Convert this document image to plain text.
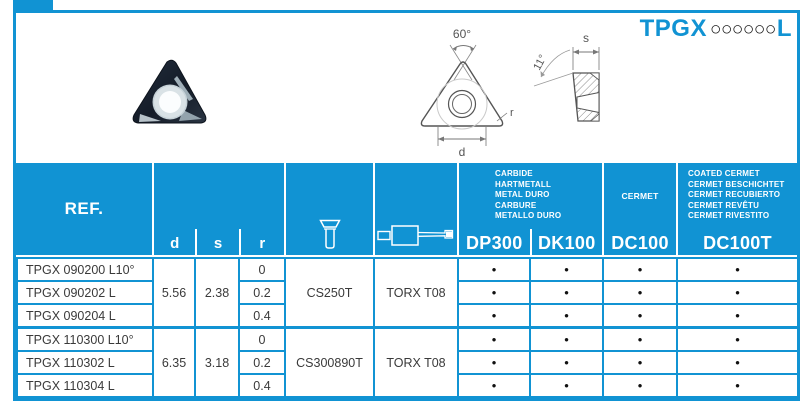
TPGX ○○○○○○ L
60°
d
r
s
11°
REF.
d	s	r
CARBIDE
HARTMETALL
METAL DURO
CARBURE
METALLO DURO
DP300 DK100
CERMET
DC100
COATED CERMET
CERMET BESCHICHTET
CERMET RECUBIERTO
CERMET REVÊTU
CERMET RIVESTITO
DC100T
TPGX 090200 L10°	5.56	2.38	0	CS250T	TORX T08	•	•	•	•
TPGX 090202 L			0.2			•	•	•	•
TPGX 090204 L			0.4			•	•	•	•
TPGX 110300 L10°	6.35	3.18	0	CS300890T	TORX T08	•	•	•	•
TPGX 110302 L			0.2			•	•	•	•
TPGX 110304 L			0.4			•	•	•	•
